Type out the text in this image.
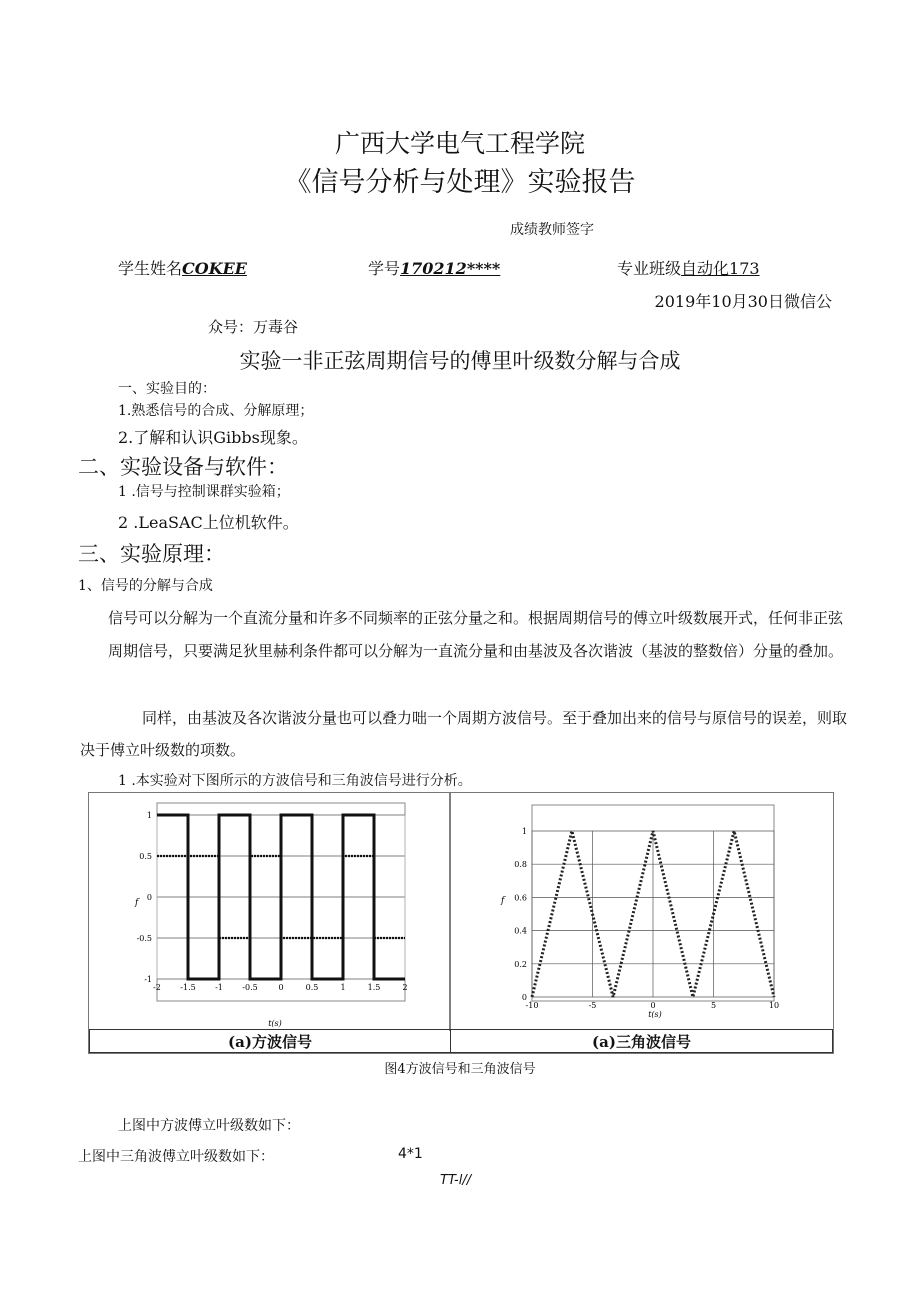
广西大学电气工程学院
《信号分析与处理》实验报告
成绩教师签字
学生姓名COKEE	学号170212****	专业班级自动化173
2019年10月30日微信公
众号：万毒谷
实验一非正弦周期信号的傅里叶级数分解与合成
一、实验目的：
1.熟悉信号的合成、分解原理；
2.了解和认识Gibbs现象。
二、实验设备与软件：
1 .信号与控制课群实验箱；
2 .LeaSAC上位机软件。
三、实验原理：
1、信号的分解与合成
信号可以分解为一个直流分量和许多不同频率的正弦分量之和。根据周期信号的傅立叶级数展开式，任何非正弦周期信号，只要满足狄里赫利条件都可以分解为一直流分量和由基波及各次谐波（基波的整数倍）分量的叠加。
同样，由基波及各次谐波分量也可以叠力咄一个周期方波信号。至于叠加出来的信号与原信号的误差，则取决于傅立叶级数的项数。
1 .本实验对下图所示的方波信号和三角波信号进行分析。
1
0.5
0
-0.5
-1
-2 -1.5 -1 -0.5	0	0.5	1	1.5	2
t(s)
f
1
0.8
0.6
0.4
0.2
0
-10	-5	0	5	10
t(s)
f
(a)方波信号	(a)三角波信号
图4方波信号和三角波信号
上图中方波傅立叶级数如下：
上图中三角波傅立叶级数如下：	4*1
TT-l//
